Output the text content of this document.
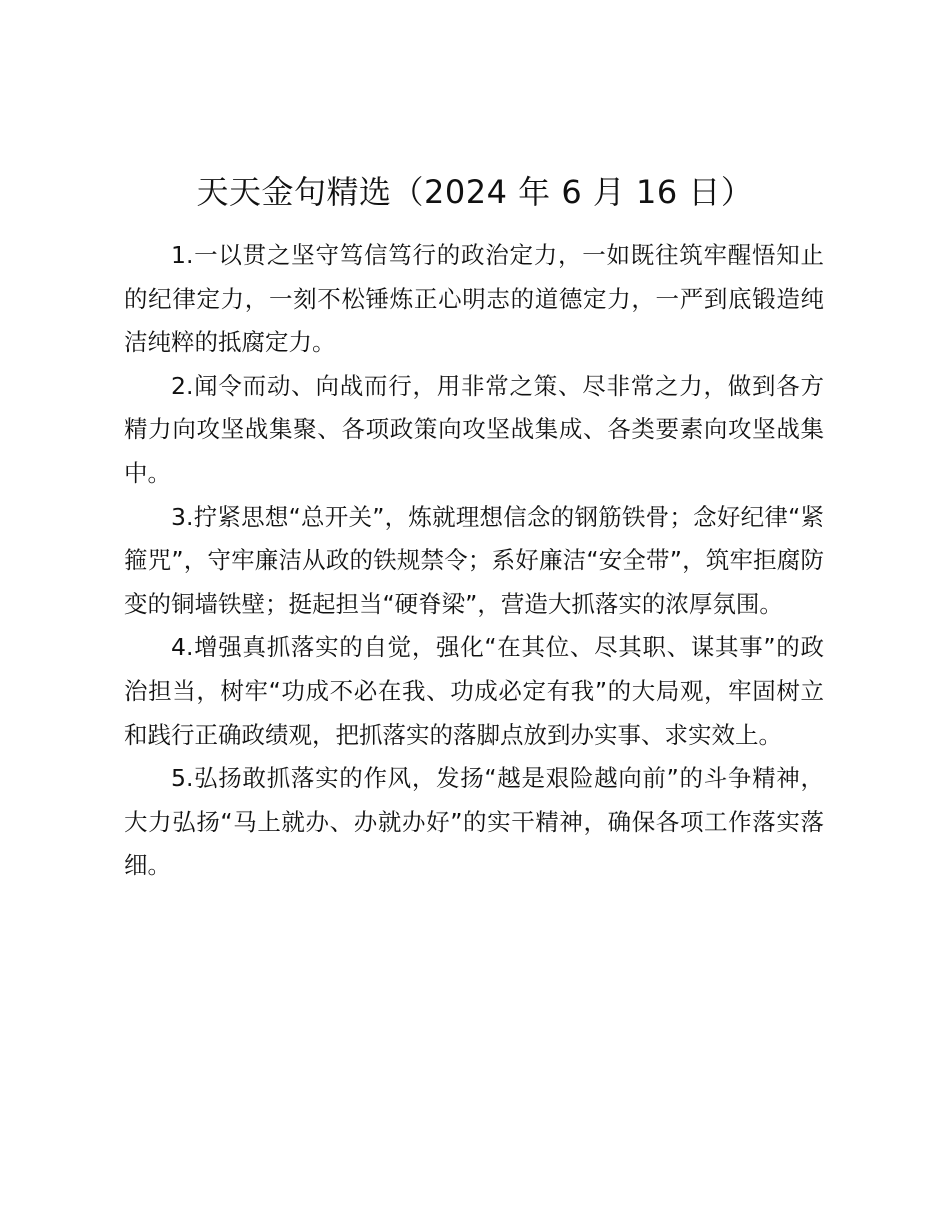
天天金句精选（2024 年 6 月 16 日）

1.一以贯之坚守笃信笃行的政治定力，一如既往筑牢醒悟知止的纪律定力，一刻不松锤炼正心明志的道德定力，一严到底锻造纯洁纯粹的抵腐定力。

2.闻令而动、向战而行，用非常之策、尽非常之力，做到各方精力向攻坚战集聚、各项政策向攻坚战集成、各类要素向攻坚战集中。

3.拧紧思想“总开关”，炼就理想信念的钢筋铁骨；念好纪律“紧箍咒”，守牢廉洁从政的铁规禁令；系好廉洁“安全带”，筑牢拒腐防变的铜墙铁壁；挺起担当“硬脊梁”，营造大抓落实的浓厚氛围。

4.增强真抓落实的自觉，强化“在其位、尽其职、谋其事”的政治担当，树牢“功成不必在我、功成必定有我”的大局观，牢固树立和践行正确政绩观，把抓落实的落脚点放到办实事、求实效上。

5.弘扬敢抓落实的作风，发扬“越是艰险越向前”的斗争精神，大力弘扬“马上就办、办就办好”的实干精神，确保各项工作落实落细。
